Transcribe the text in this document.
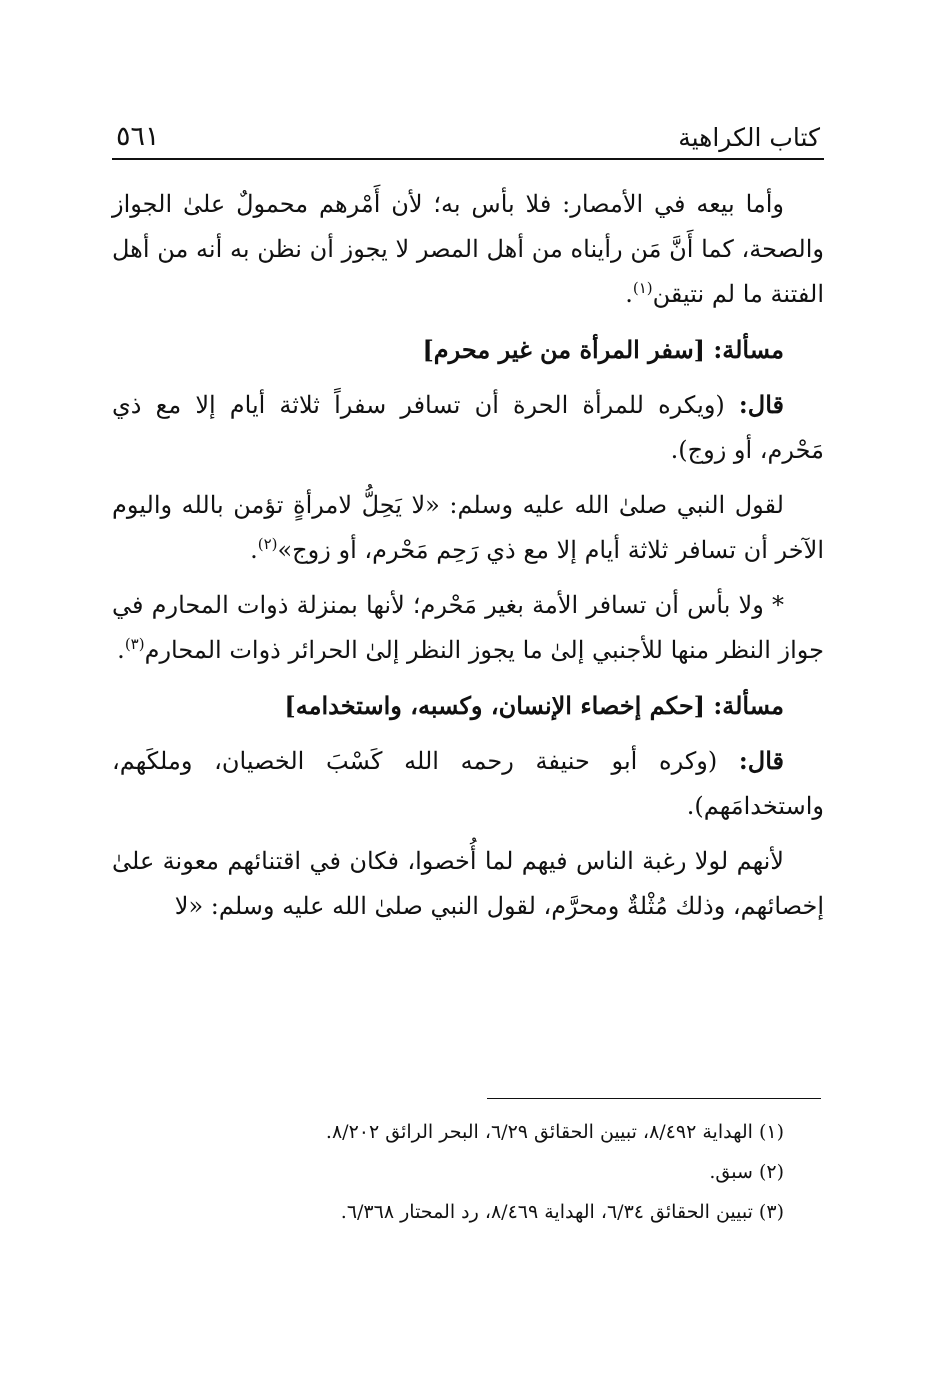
كتاب الكراهية
٥٦١

وأما بيعه في الأمصار: فلا بأس به؛ لأن أَمْرهم محمولٌ علىٰ الجواز والصحة، كما أَنَّ مَن رأيناه من أهل المصر لا يجوز أن نظن به أنه من أهل الفتنة ما لم نتيقن$^{(١)}$.

مسألة: [سفر المرأة من غير محرم]

قال: (ويكره للمرأة الحرة أن تسافر سفراً ثلاثة أيام إلا مع ذي مَحْرم، أو زوج).

لقول النبي صلىٰ الله عليه وسلم: «لا يَحِلُّ لامرأةٍ تؤمن بالله واليوم الآخر أن تسافر ثلاثة أيام إلا مع ذي رَحِم مَحْرم، أو زوج»$^{(٢)}$.

* ولا بأس أن تسافر الأمة بغير مَحْرم؛ لأنها بمنزلة ذوات المحارم في جواز النظر منها للأجنبي إلىٰ ما يجوز النظر إلىٰ الحرائر ذوات المحارم$^{(٣)}$.

مسألة: [حكم إخصاء الإنسان، وكسبه، واستخدامه]

قال: (وكره أبو حنيفة رحمه الله كَسْبَ الخصيان، وملكَهم، واستخدامَهم).

لأنهم لولا رغبة الناس فيهم لما أُخصوا، فكان في اقتنائهم معونة علىٰ إخصائهم، وذلك مُثْلةٌ ومحرَّم، لقول النبي صلىٰ الله عليه وسلم: «لا

(١) الهداية ٨/٤٩٢، تبيين الحقائق ٦/٢٩، البحر الرائق ٨/٢٠٢.

(٢) سبق.

(٣) تبيين الحقائق ٦/٣٤، الهداية ٨/٤٦٩، رد المحتار ٦/٣٦٨.
